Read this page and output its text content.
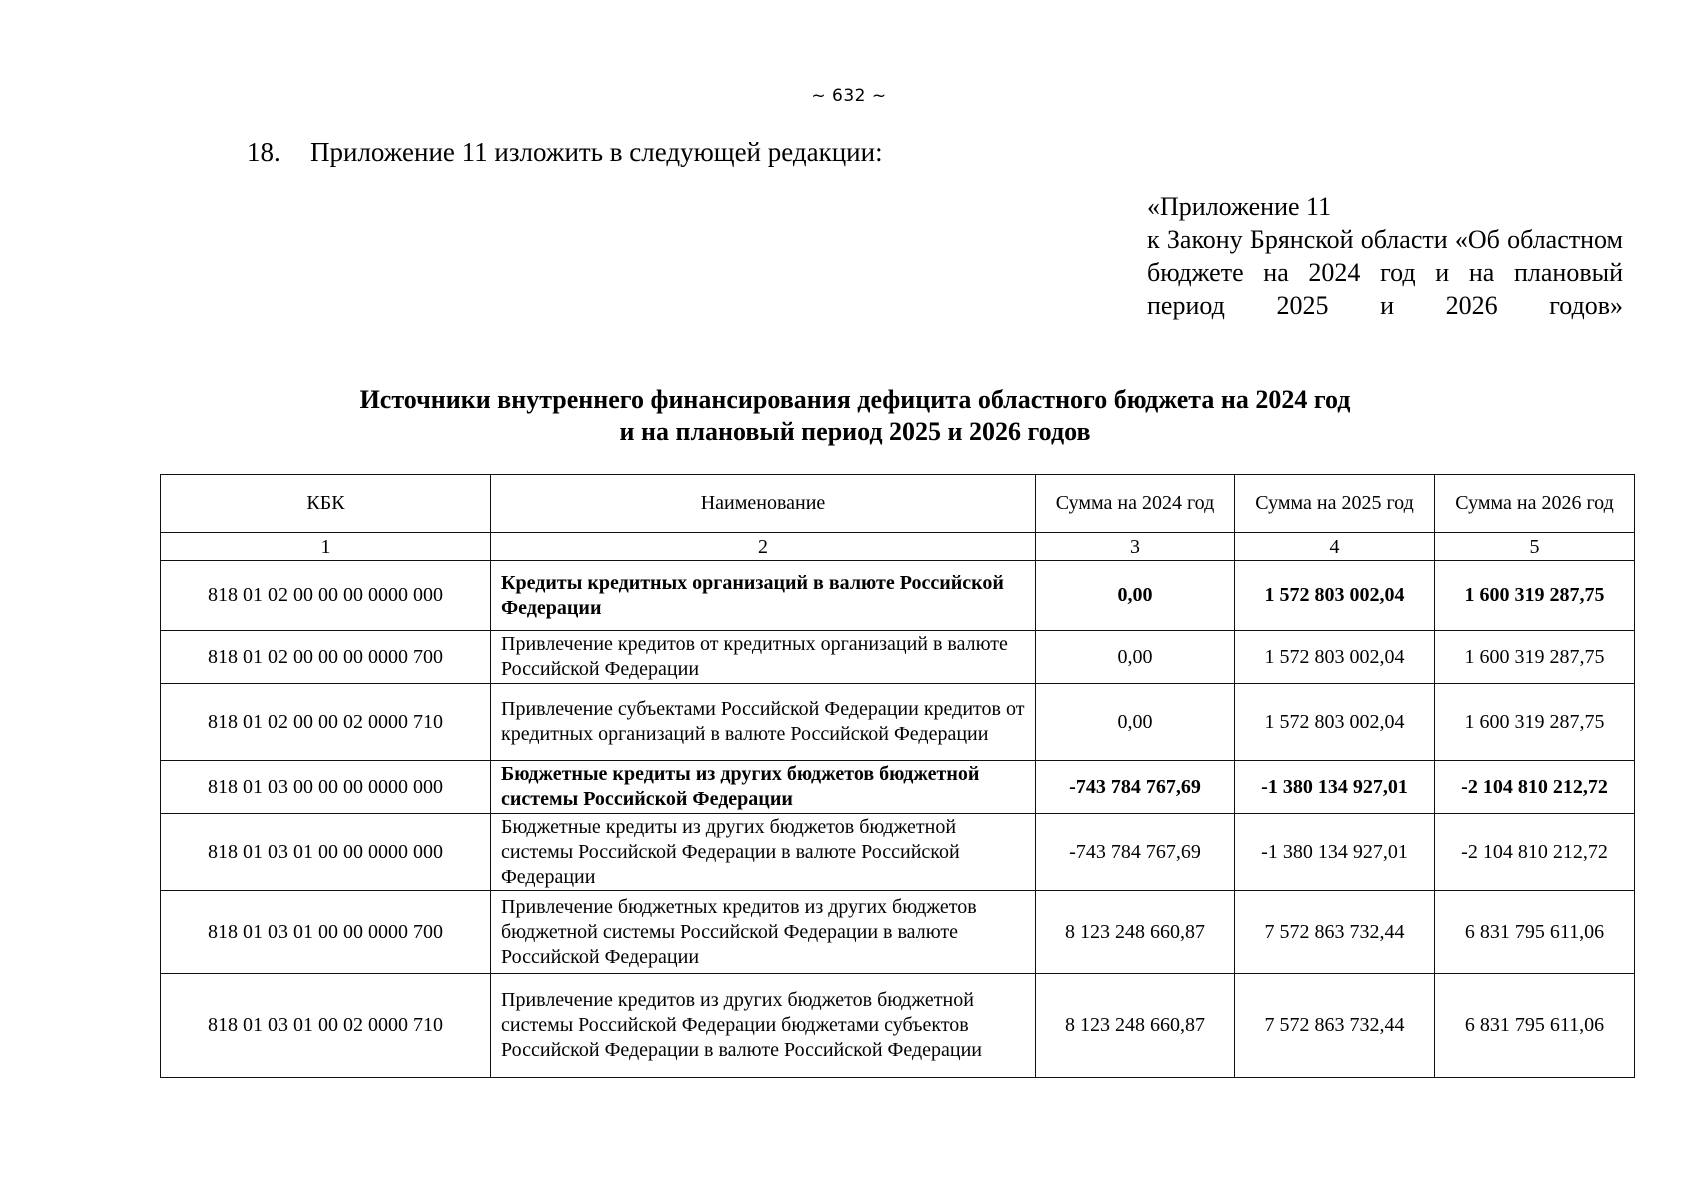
~ 632 ~
18. Приложение 11 изложить в следующей редакции:
«Приложение 11
к Закону Брянской области «Об областном бюджете на 2024 год и на плановый период 2025 и 2026 годов»
Источники внутреннего финансирования дефицита областного бюджета на 2024 год
и на плановый период 2025 и 2026 годов
КБК	Наименование	Сумма на 2024 год	Сумма на 2025 год	Сумма на 2026 год
1	2	3	4	5
818 01 02 00 00 00 0000 000	Кредиты кредитных организаций в валюте Российской Федерации	0,00	1 572 803 002,04	1 600 319 287,75
818 01 02 00 00 00 0000 700	Привлечение кредитов от кредитных организаций в валюте Российской Федерации	0,00	1 572 803 002,04	1 600 319 287,75
818 01 02 00 00 02 0000 710	Привлечение субъектами Российской Федерации кредитов от кредитных организаций в валюте Российской Федерации	0,00	1 572 803 002,04	1 600 319 287,75
818 01 03 00 00 00 0000 000	Бюджетные кредиты из других бюджетов бюджетной системы Российской Федерации	-743 784 767,69	-1 380 134 927,01	-2 104 810 212,72
818 01 03 01 00 00 0000 000	Бюджетные кредиты из других бюджетов бюджетной системы Российской Федерации в валюте Российской Федерации	-743 784 767,69	-1 380 134 927,01	-2 104 810 212,72
818 01 03 01 00 00 0000 700	Привлечение бюджетных кредитов из других бюджетов бюджетной системы Российской Федерации в валюте Российской Федерации	8 123 248 660,87	7 572 863 732,44	6 831 795 611,06
818 01 03 01 00 02 0000 710	Привлечение кредитов из других бюджетов бюджетной системы Российской Федерации бюджетами субъектов Российской Федерации в валюте Российской Федерации	8 123 248 660,87	7 572 863 732,44	6 831 795 611,06
